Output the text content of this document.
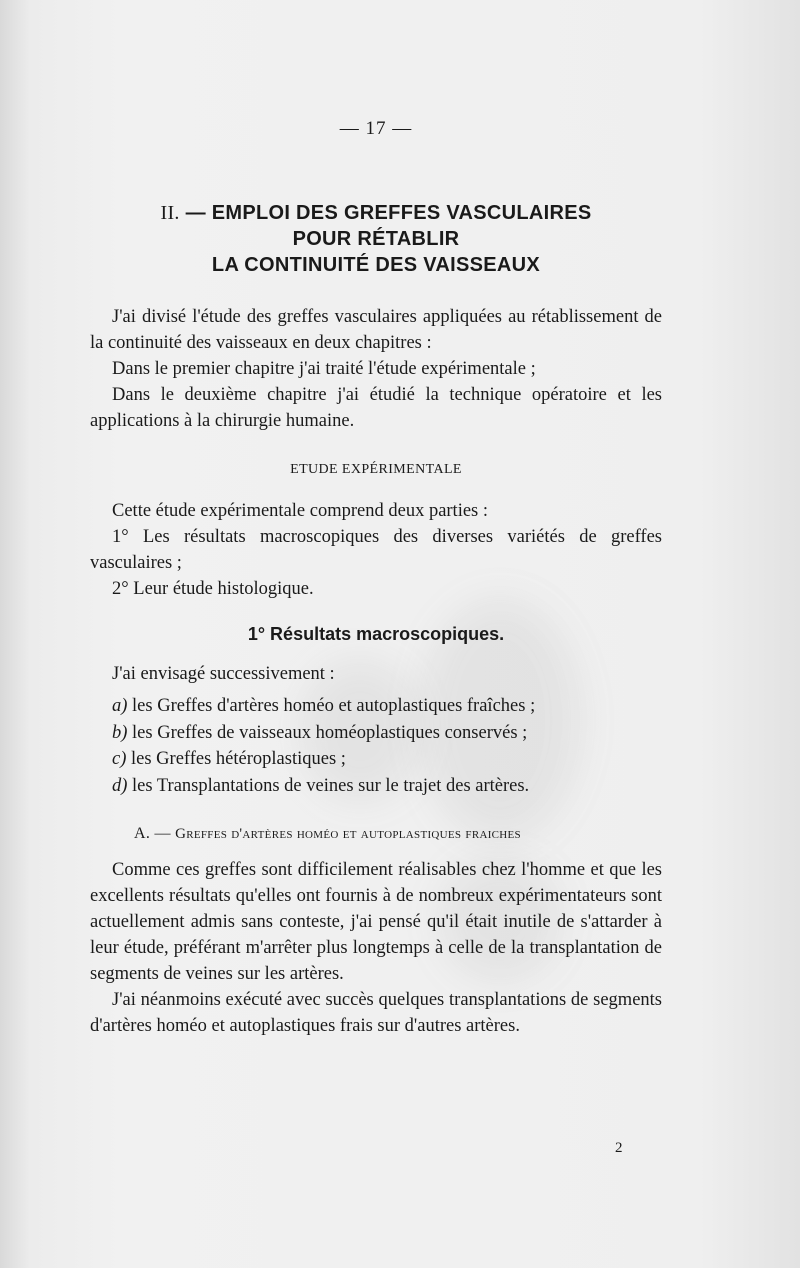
— 17 —
II. — EMPLOI DES GREFFES VASCULAIRES
POUR RÉTABLIR
LA CONTINUITÉ DES VAISSEAUX

J'ai divisé l'étude des greffes vasculaires appliquées au rétablissement de la continuité des vaisseaux en deux chapitres :

Dans le premier chapitre j'ai traité l'étude expérimentale ;

Dans le deuxième chapitre j'ai étudié la technique opératoire et les applications à la chirurgie humaine.

ETUDE EXPÉRIMENTALE

Cette étude expérimentale comprend deux parties :

1° Les résultats macroscopiques des diverses variétés de greffes vasculaires ;

2° Leur étude histologique.

1° Résultats macroscopiques.

J'ai envisagé successivement :

a) les Greffes d'artères homéo et autoplastiques fraîches ;
b) les Greffes de vaisseaux homéoplastiques conservés ;
c) les Greffes hétéroplastiques ;
d) les Transplantations de veines sur le trajet des artères.
A. — Greffes d'artères homéo et autoplastiques fraiches

Comme ces greffes sont difficilement réalisables chez l'homme et que les excellents résultats qu'elles ont fournis à de nombreux expérimentateurs sont actuellement admis sans conteste, j'ai pensé qu'il était inutile de s'attarder à leur étude, préférant m'arrêter plus longtemps à celle de la transplantation de segments de veines sur les artères.

J'ai néanmoins exécuté avec succès quelques transplantations de segments d'artères homéo et autoplastiques frais sur d'autres artères.

2
